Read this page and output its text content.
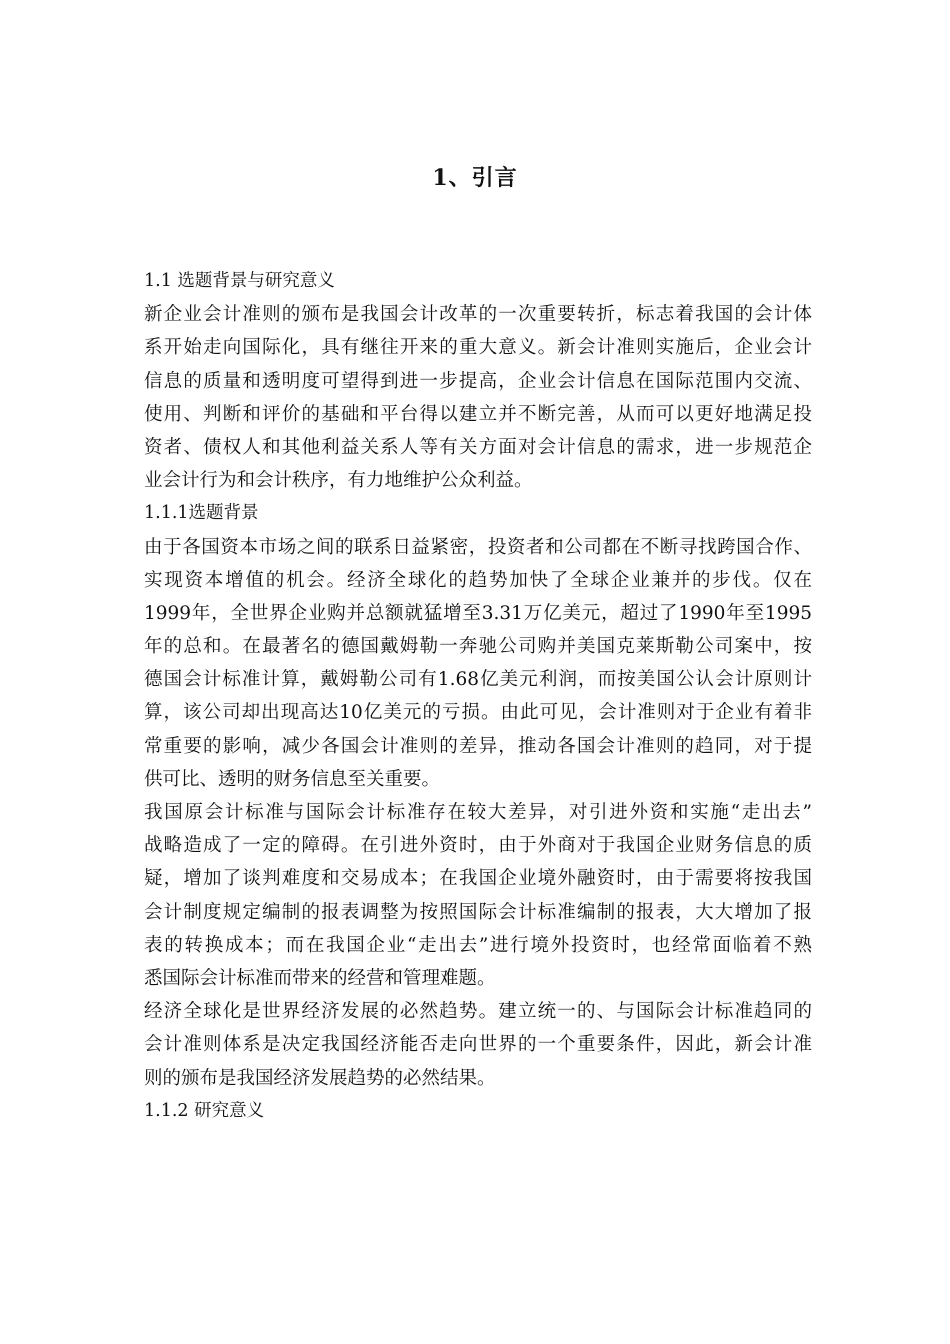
1、引言
1.1 选题背景与研究意义
新企业会计准则的颁布是我国会计改革的一次重要转折，标志着我国的会计体
系开始走向国际化，具有继往开来的重大意义。新会计准则实施后，企业会计
信息的质量和透明度可望得到进一步提高，企业会计信息在国际范围内交流、
使用、判断和评价的基础和平台得以建立并不断完善，从而可以更好地满足投
资者、债权人和其他利益关系人等有关方面对会计信息的需求，进一步规范企
业会计行为和会计秩序，有力地维护公众利益。
1.1.1选题背景
由于各国资本市场之间的联系日益紧密，投资者和公司都在不断寻找跨国合作、
实现资本增值的机会。经济全球化的趋势加快了全球企业兼并的步伐。仅在
1999年，全世界企业购并总额就猛增至3.31万亿美元，超过了1990年至1995
年的总和。在最著名的德国戴姆勒一奔驰公司购并美国克莱斯勒公司案中，按
德国会计标准计算，戴姆勒公司有1.68亿美元利润，而按美国公认会计原则计
算，该公司却出现高达10亿美元的亏损。由此可见，会计准则对于企业有着非
常重要的影响，减少各国会计准则的差异，推动各国会计准则的趋同，对于提
供可比、透明的财务信息至关重要。
我国原会计标准与国际会计标准存在较大差异，对引进外资和实施“走出去”
战略造成了一定的障碍。在引进外资时，由于外商对于我国企业财务信息的质
疑，增加了谈判难度和交易成本；在我国企业境外融资时，由于需要将按我国
会计制度规定编制的报表调整为按照国际会计标准编制的报表，大大增加了报
表的转换成本；而在我国企业“走出去”进行境外投资时，也经常面临着不熟
悉国际会计标准而带来的经营和管理难题。
经济全球化是世界经济发展的必然趋势。建立统一的、与国际会计标准趋同的
会计准则体系是决定我国经济能否走向世界的一个重要条件，因此，新会计准
则的颁布是我国经济发展趋势的必然结果。
1.1.2 研究意义
